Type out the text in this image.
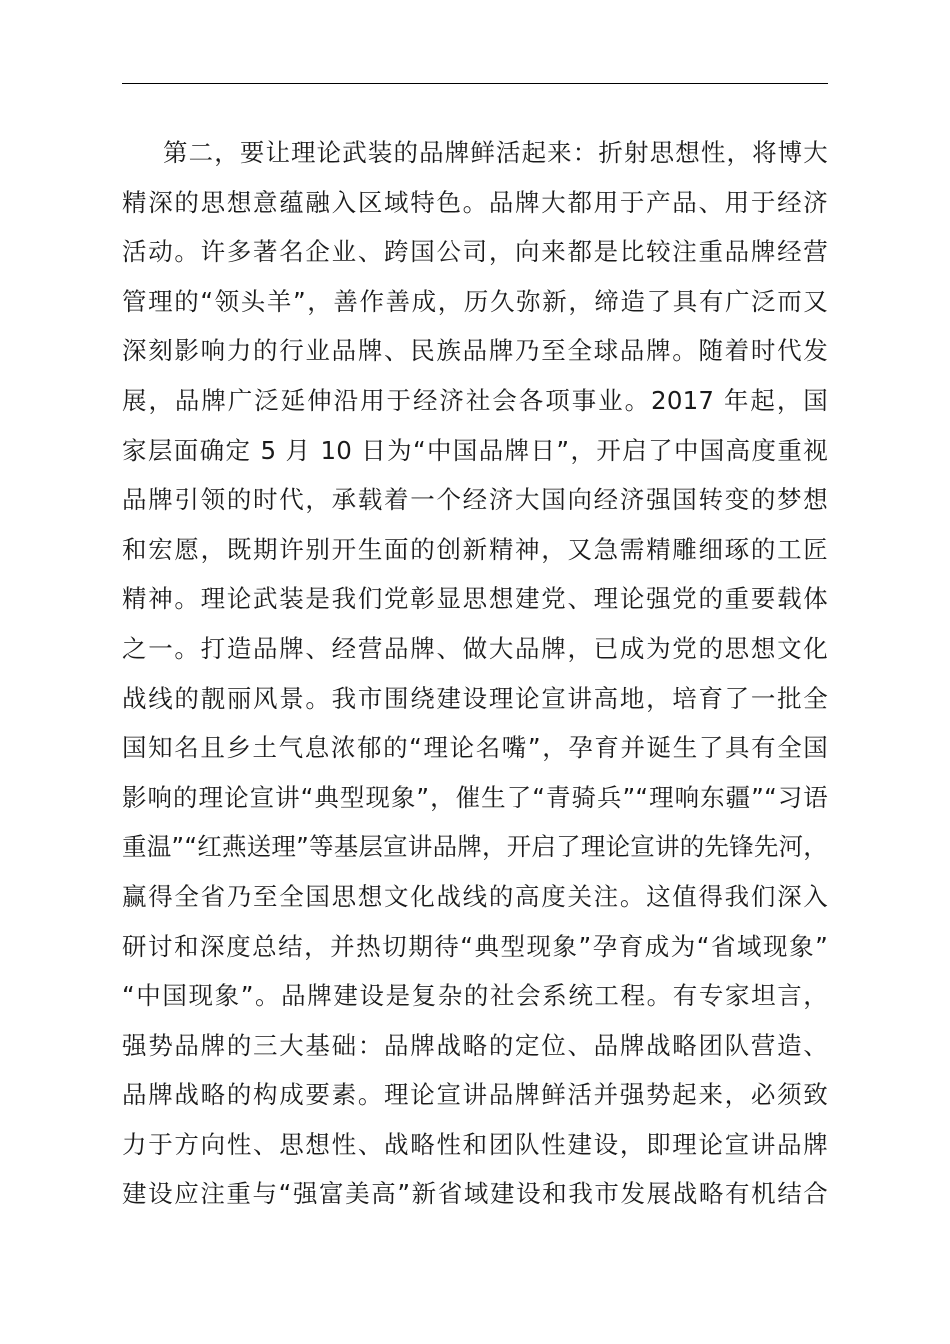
第二，要让理论武装的品牌鲜活起来：折射思想性，将博大
精深的思想意蕴融入区域特色。品牌大都用于产品、用于经济
活动。许多著名企业、跨国公司，向来都是比较注重品牌经营
管理的“领头羊”，善作善成，历久弥新，缔造了具有广泛而又
深刻影响力的行业品牌、民族品牌乃至全球品牌。随着时代发
展，品牌广泛延伸沿用于经济社会各项事业。2017 年起，国
家层面确定 5 月 10 日为“中国品牌日”，开启了中国高度重视
品牌引领的时代，承载着一个经济大国向经济强国转变的梦想
和宏愿，既期许别开生面的创新精神，又急需精雕细琢的工匠
精神。理论武装是我们党彰显思想建党、理论强党的重要载体
之一。打造品牌、经营品牌、做大品牌，已成为党的思想文化
战线的靓丽风景。我市围绕建设理论宣讲高地，培育了一批全
国知名且乡土气息浓郁的“理论名嘴”，孕育并诞生了具有全国
影响的理论宣讲“典型现象”，催生了“青骑兵”“理响东疆”“习语
重温”“红燕送理”等基层宣讲品牌，开启了理论宣讲的先锋先河，
赢得全省乃至全国思想文化战线的高度关注。这值得我们深入
研讨和深度总结，并热切期待“典型现象”孕育成为“省域现象”
“中国现象”。品牌建设是复杂的社会系统工程。有专家坦言，
强势品牌的三大基础：品牌战略的定位、品牌战略团队营造、
品牌战略的构成要素。理论宣讲品牌鲜活并强势起来，必须致
力于方向性、思想性、战略性和团队性建设，即理论宣讲品牌
建设应注重与“强富美高”新省域建设和我市发展战略有机结合
